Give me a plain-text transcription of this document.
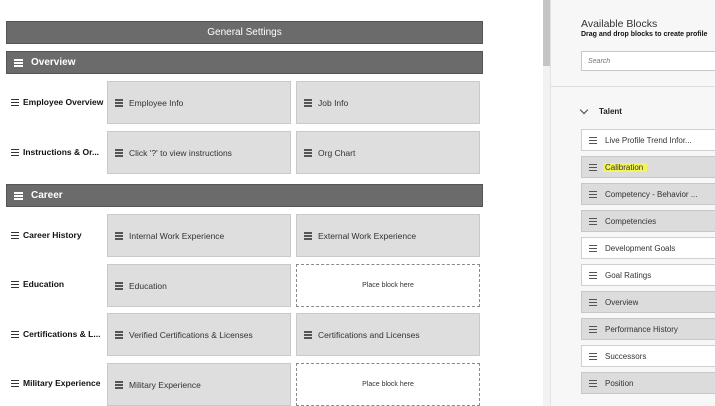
General Settings
Overview
Employee Overview	Employee Info	Job Info
Instructions & Or...	Click '?' to view instructions	Org Chart
Career
Career History	Internal Work Experience	External Work Experience
Education	Education	Place block here
Certifications & L...	Verified Certifications & Licenses	Certifications and Licenses
Military Experience	Military Experience	Place block here
Available Blocks
Drag and drop blocks to create profile
Search
Talent
Live Profile Trend Infor...
Calibration
Competency - Behavior ...
Competencies
Development Goals
Goal Ratings
Overview
Performance History
Successors
Position
